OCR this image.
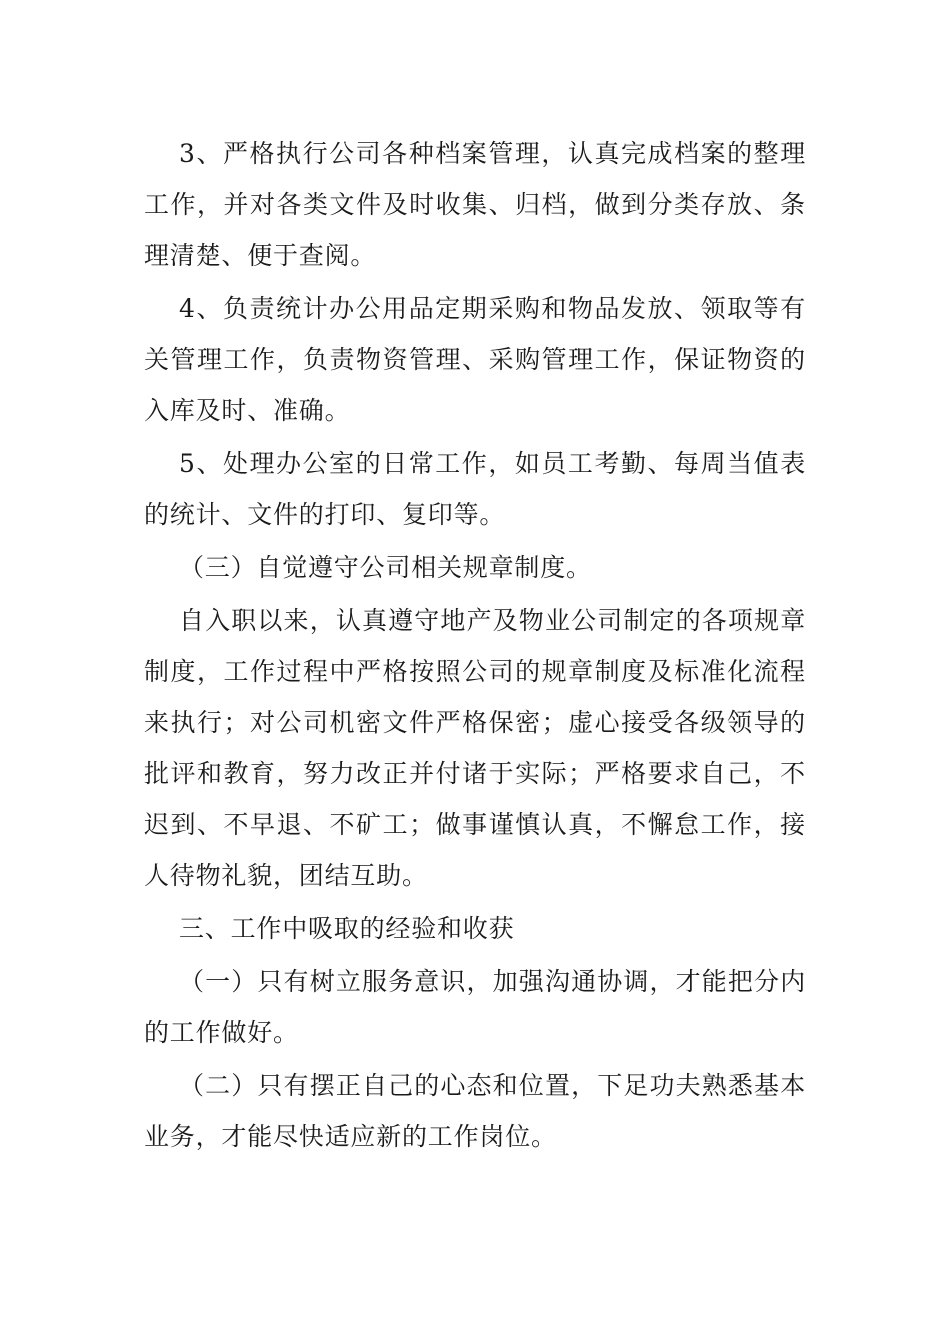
3、严格执行公司各种档案管理，认真完成档案的整理工作，并对各类文件及时收集、归档，做到分类存放、条理清楚、便于查阅。

4、负责统计办公用品定期采购和物品发放、领取等有关管理工作，负责物资管理、采购管理工作，保证物资的入库及时、准确。

5、处理办公室的日常工作，如员工考勤、每周当值表的统计、文件的打印、复印等。

（三）自觉遵守公司相关规章制度。

自入职以来，认真遵守地产及物业公司制定的各项规章制度，工作过程中严格按照公司的规章制度及标准化流程来执行；对公司机密文件严格保密；虚心接受各级领导的批评和教育，努力改正并付诸于实际；严格要求自己，不迟到、不早退、不矿工；做事谨慎认真，不懈怠工作，接人待物礼貌，团结互助。

三、工作中吸取的经验和收获

（一）只有树立服务意识，加强沟通协调，才能把分内的工作做好。

（二）只有摆正自己的心态和位置，下足功夫熟悉基本业务，才能尽快适应新的工作岗位。
